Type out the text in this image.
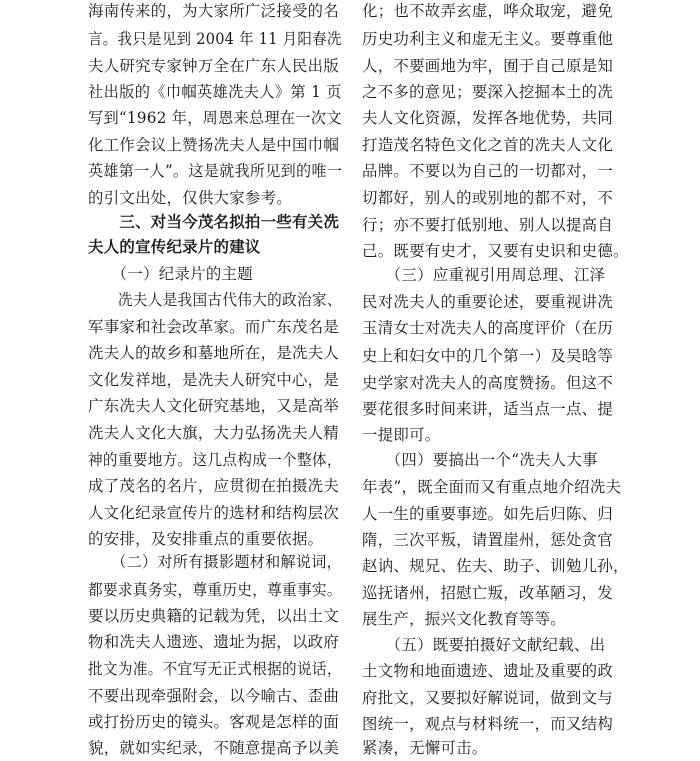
海南传来的，为大家所广泛接受的名
言。我只是见到 2004 年 11 月阳春冼
夫人研究专家钟万全在广东人民出版
社出版的《巾帼英雄冼夫人》第 1 页
写到“1962 年，周恩来总理在一次文
化工作会议上赞扬冼夫人是中国巾帼
英雄第一人”。这是就我所见到的唯一
的引文出处，仅供大家参考。
　　三、对当今茂名拟拍一些有关冼
夫人的宣传纪录片的建议
　　（一）纪录片的主题
　　冼夫人是我国古代伟大的政治家、
军事家和社会改革家。而广东茂名是
冼夫人的故乡和墓地所在，是冼夫人
文化发祥地，是冼夫人研究中心，是
广东冼夫人文化研究基地，又是高举
冼夫人文化大旗，大力弘扬冼夫人精
神的重要地方。这几点构成一个整体，
成了茂名的名片，应贯彻在拍摄冼夫
人文化纪录宣传片的选材和结构层次
的安排，及安排重点的重要依据。
　　（二）对所有摄影题材和解说词，
都要求真务实，尊重历史，尊重事实。
要以历史典籍的记载为凭，以出土文
物和冼夫人遗迹、遗址为据，以政府
批文为准。不宜写无正式根据的说话，
不要出现牵强附会，以今喻古、歪曲
或打扮历史的镜头。客观是怎样的面
貌，就如实纪录，不随意提高予以美
化；也不故弄玄虚，哗众取宠，避免
历史功利主义和虚无主义。要尊重他
人，不要画地为牢，囿于自己原是知
之不多的意见；要深入挖掘本土的冼
夫人文化资源，发挥各地优势，共同
打造茂名特色文化之首的冼夫人文化
品牌。不要以为自己的一切都对，一
切都好，别人的或别地的都不对，不
行；亦不要打低别地、别人以提高自
己。既要有史才，又要有史识和史德。
　　（三）应重视引用周总理、江泽
民对冼夫人的重要论述，要重视讲冼
玉清女士对冼夫人的高度评价（在历
史上和妇女中的几个第一）及吴晗等
史学家对冼夫人的高度赞扬。但这不
要花很多时间来讲，适当点一点、提
一提即可。
　　（四）要搞出一个“冼夫人大事
年表”，既全面而又有重点地介绍冼夫
人一生的重要事迹。如先后归陈、归
隋，三次平叛，请置崖州，惩处贪官
赵讷、规兄、佐夫、助子、训勉儿孙，
巡抚诸州，招慰亡叛，改革陋习，发
展生产，振兴文化教育等等。
　　（五）既要拍摄好文献纪载、出
土文物和地面遗迹、遗址及重要的政
府批文，又要拟好解说词，做到文与
图统一，观点与材料统一，而又结构
紧凑，无懈可击。
